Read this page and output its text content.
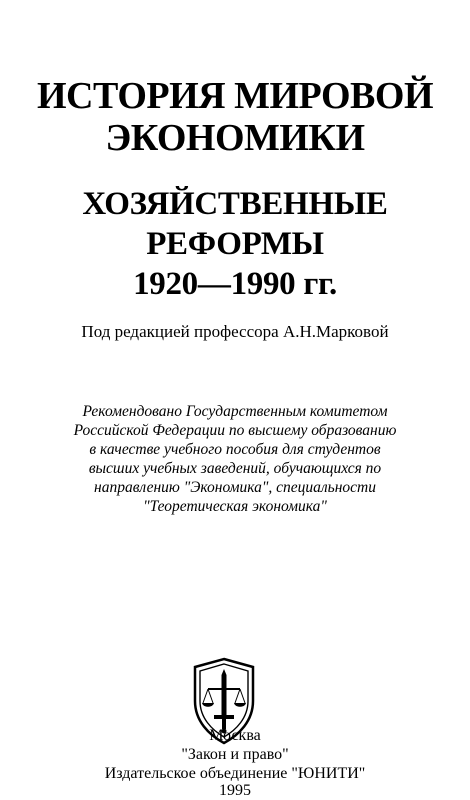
ИСТОРИЯ МИРОВОЙ
ЭКОНОМИКИ
ХОЗЯЙСТВЕННЫЕ
РЕФОРМЫ
1920—1990 гг.
Под редакцией профессора А.Н.Марковой
Рекомендовано Государственным комитетом
Российской Федерации по высшему образованию
в качестве учебного пособия для студентов
высших учебных заведений, обучающихся по
направлению "Экономика", специальности
"Теоретическая экономика"
Москва
"Закон и право"
Издательское объединение "ЮНИТИ"
1995
